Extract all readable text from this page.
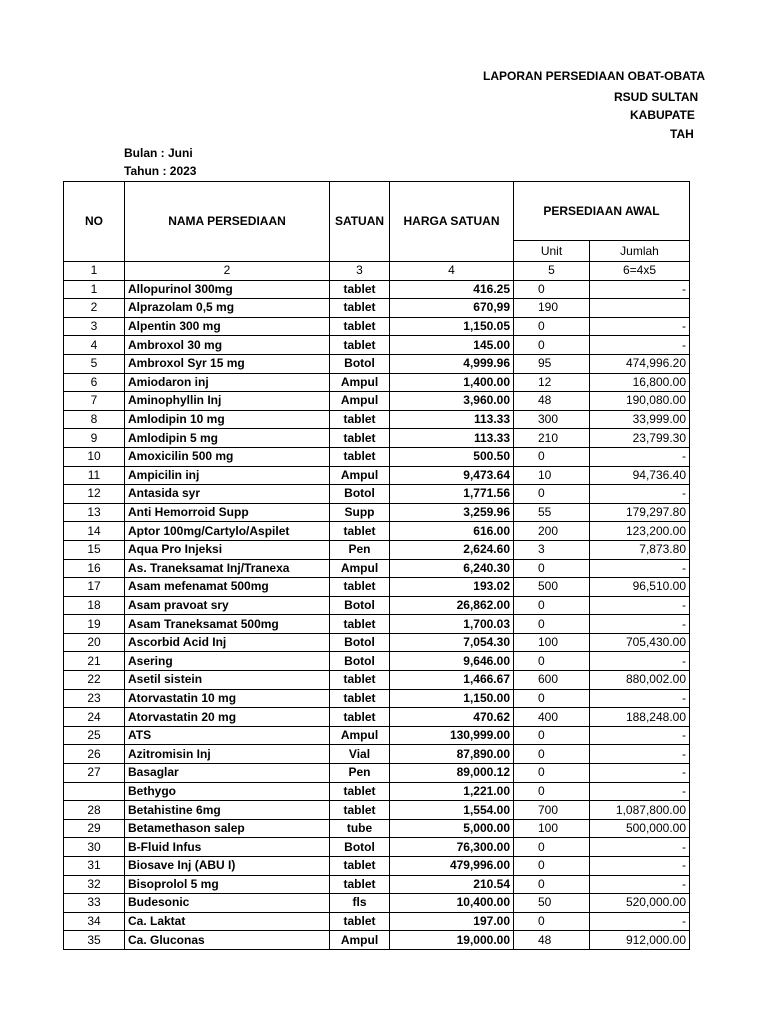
LAPORAN PERSEDIAAN OBAT-OBATA
RSUD SULTAN
KABUPATE
TAH
Bulan : Juni
Tahun : 2023
NO	NAMA PERSEDIAAN	SATUAN	HARGA SATUAN	PERSEDIAAN AWAL	
				Unit	Jumlah
1	2	3	4	5	6=4x5
1	Allopurinol 300mg	tablet	416.25	0	-
2	Alprazolam 0,5 mg	tablet	670,99	190	
3	Alpentin 300 mg	tablet	1,150.05	0	-
4	Ambroxol 30 mg	tablet	145.00	0	-
5	Ambroxol Syr 15 mg	Botol	4,999.96	95	474,996.20
6	Amiodaron inj	Ampul	1,400.00	12	16,800.00
7	Aminophyllin Inj	Ampul	3,960.00	48	190,080.00
8	Amlodipin 10 mg	tablet	113.33	300	33,999.00
9	Amlodipin 5 mg	tablet	113.33	210	23,799.30
10	Amoxicilin 500 mg	tablet	500.50	0	-
11	Ampicilin inj	Ampul	9,473.64	10	94,736.40
12	Antasida syr	Botol	1,771.56	0	-
13	Anti Hemorroid Supp	Supp	3,259.96	55	179,297.80
14	Aptor 100mg/Cartylo/Aspilet	tablet	616.00	200	123,200.00
15	Aqua Pro Injeksi	Pen	2,624.60	3	7,873.80
16	As. Traneksamat Inj/Tranexa	Ampul	6,240.30	0	-
17	Asam mefenamat 500mg	tablet	193.02	500	96,510.00
18	Asam pravoat sry	Botol	26,862.00	0	-
19	Asam Traneksamat 500mg	tablet	1,700.03	0	-
20	Ascorbid Acid Inj	Botol	7,054.30	100	705,430.00
21	Asering	Botol	9,646.00	0	-
22	Asetil sistein	tablet	1,466.67	600	880,002.00
23	Atorvastatin 10 mg	tablet	1,150.00	0	-
24	Atorvastatin 20 mg	tablet	470.62	400	188,248.00
25	ATS	Ampul	130,999.00	0	-
26	Azitromisin Inj	Vial	87,890.00	0	-
27	Basaglar	Pen	89,000.12	0	-
	Bethygo	tablet	1,221.00	0	-
28	Betahistine 6mg	tablet	1,554.00	700	1,087,800.00
29	Betamethason salep	tube	5,000.00	100	500,000.00
30	B-Fluid Infus	Botol	76,300.00	0	-
31	Biosave Inj (ABU I)	tablet	479,996.00	0	-
32	Bisoprolol 5 mg	tablet	210.54	0	-
33	Budesonic	fls	10,400.00	50	520,000.00
34	Ca. Laktat	tablet	197.00	0	-
35	Ca. Gluconas	Ampul	19,000.00	48	912,000.00
